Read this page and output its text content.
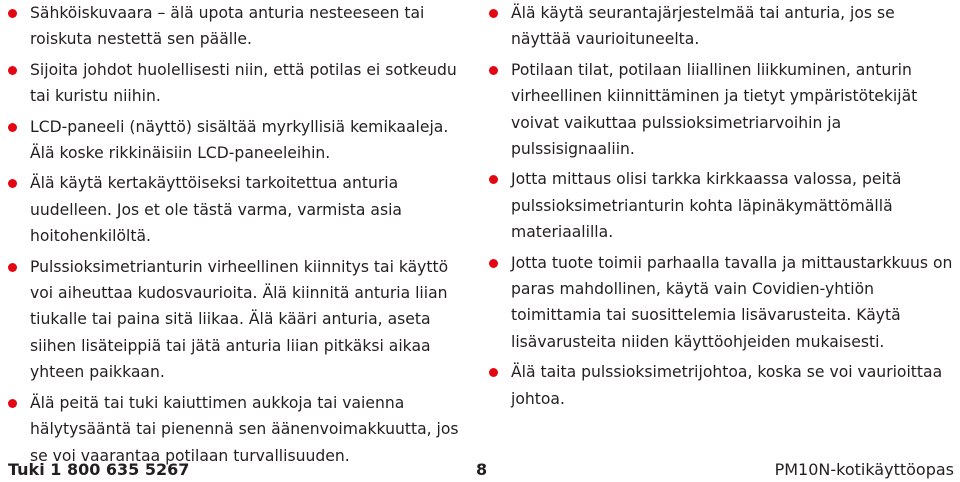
Sähköiskuvaara – älä upota anturia nesteeseen tai roiskuta nestettä sen päälle.
Sijoita johdot huolellisesti niin, että potilas ei sotkeudu tai kuristu niihin.
LCD-paneeli (näyttö) sisältää myrkyllisiä kemikaaleja. Älä koske rikkinäisiin LCD-paneeleihin.
Älä käytä kertakäyttöiseksi tarkoitettua anturia uudelleen. Jos et ole tästä varma, varmista asia hoitohenkilöltä.
Pulssioksimetrianturin virheellinen kiinnitys tai käyttö voi aiheuttaa kudosvaurioita. Älä kiinnitä anturia liian tiukalle tai paina sitä liikaa. Älä kääri anturia, aseta siihen lisäteippiä tai jätä anturia liian pitkäksi aikaa yhteen paikkaan.
Älä peitä tai tuki kaiuttimen aukkoja tai vaienna hälytysääntä tai pienennä sen äänenvoimakkuutta, jos se voi vaarantaa potilaan turvallisuuden.
Älä käytä seurantajärjestelmää tai anturia, jos se näyttää vaurioituneelta.
Potilaan tilat, potilaan liiallinen liikkuminen, anturin virheellinen kiinnittäminen ja tietyt ympäristötekijät voivat vaikuttaa pulssioksimetriarvoihin ja pulssisignaaliin.
Jotta mittaus olisi tarkka kirkkaassa valossa, peitä pulssioksimetrianturin kohta läpinäkymättömällä materiaalilla.
Jotta tuote toimii parhaalla tavalla ja mittaustarkkuus on paras mahdollinen, käytä vain Covidien-yhtiön toimittamia tai suosittelemia lisävarusteita. Käytä lisävarusteita niiden käyttöohjeiden mukaisesti.
Älä taita pulssioksimetrijohtoa, koska se voi vaurioittaa johtoa.
Tuki 1 800 635 5267	8	PM10N-kotikäyttöopas
